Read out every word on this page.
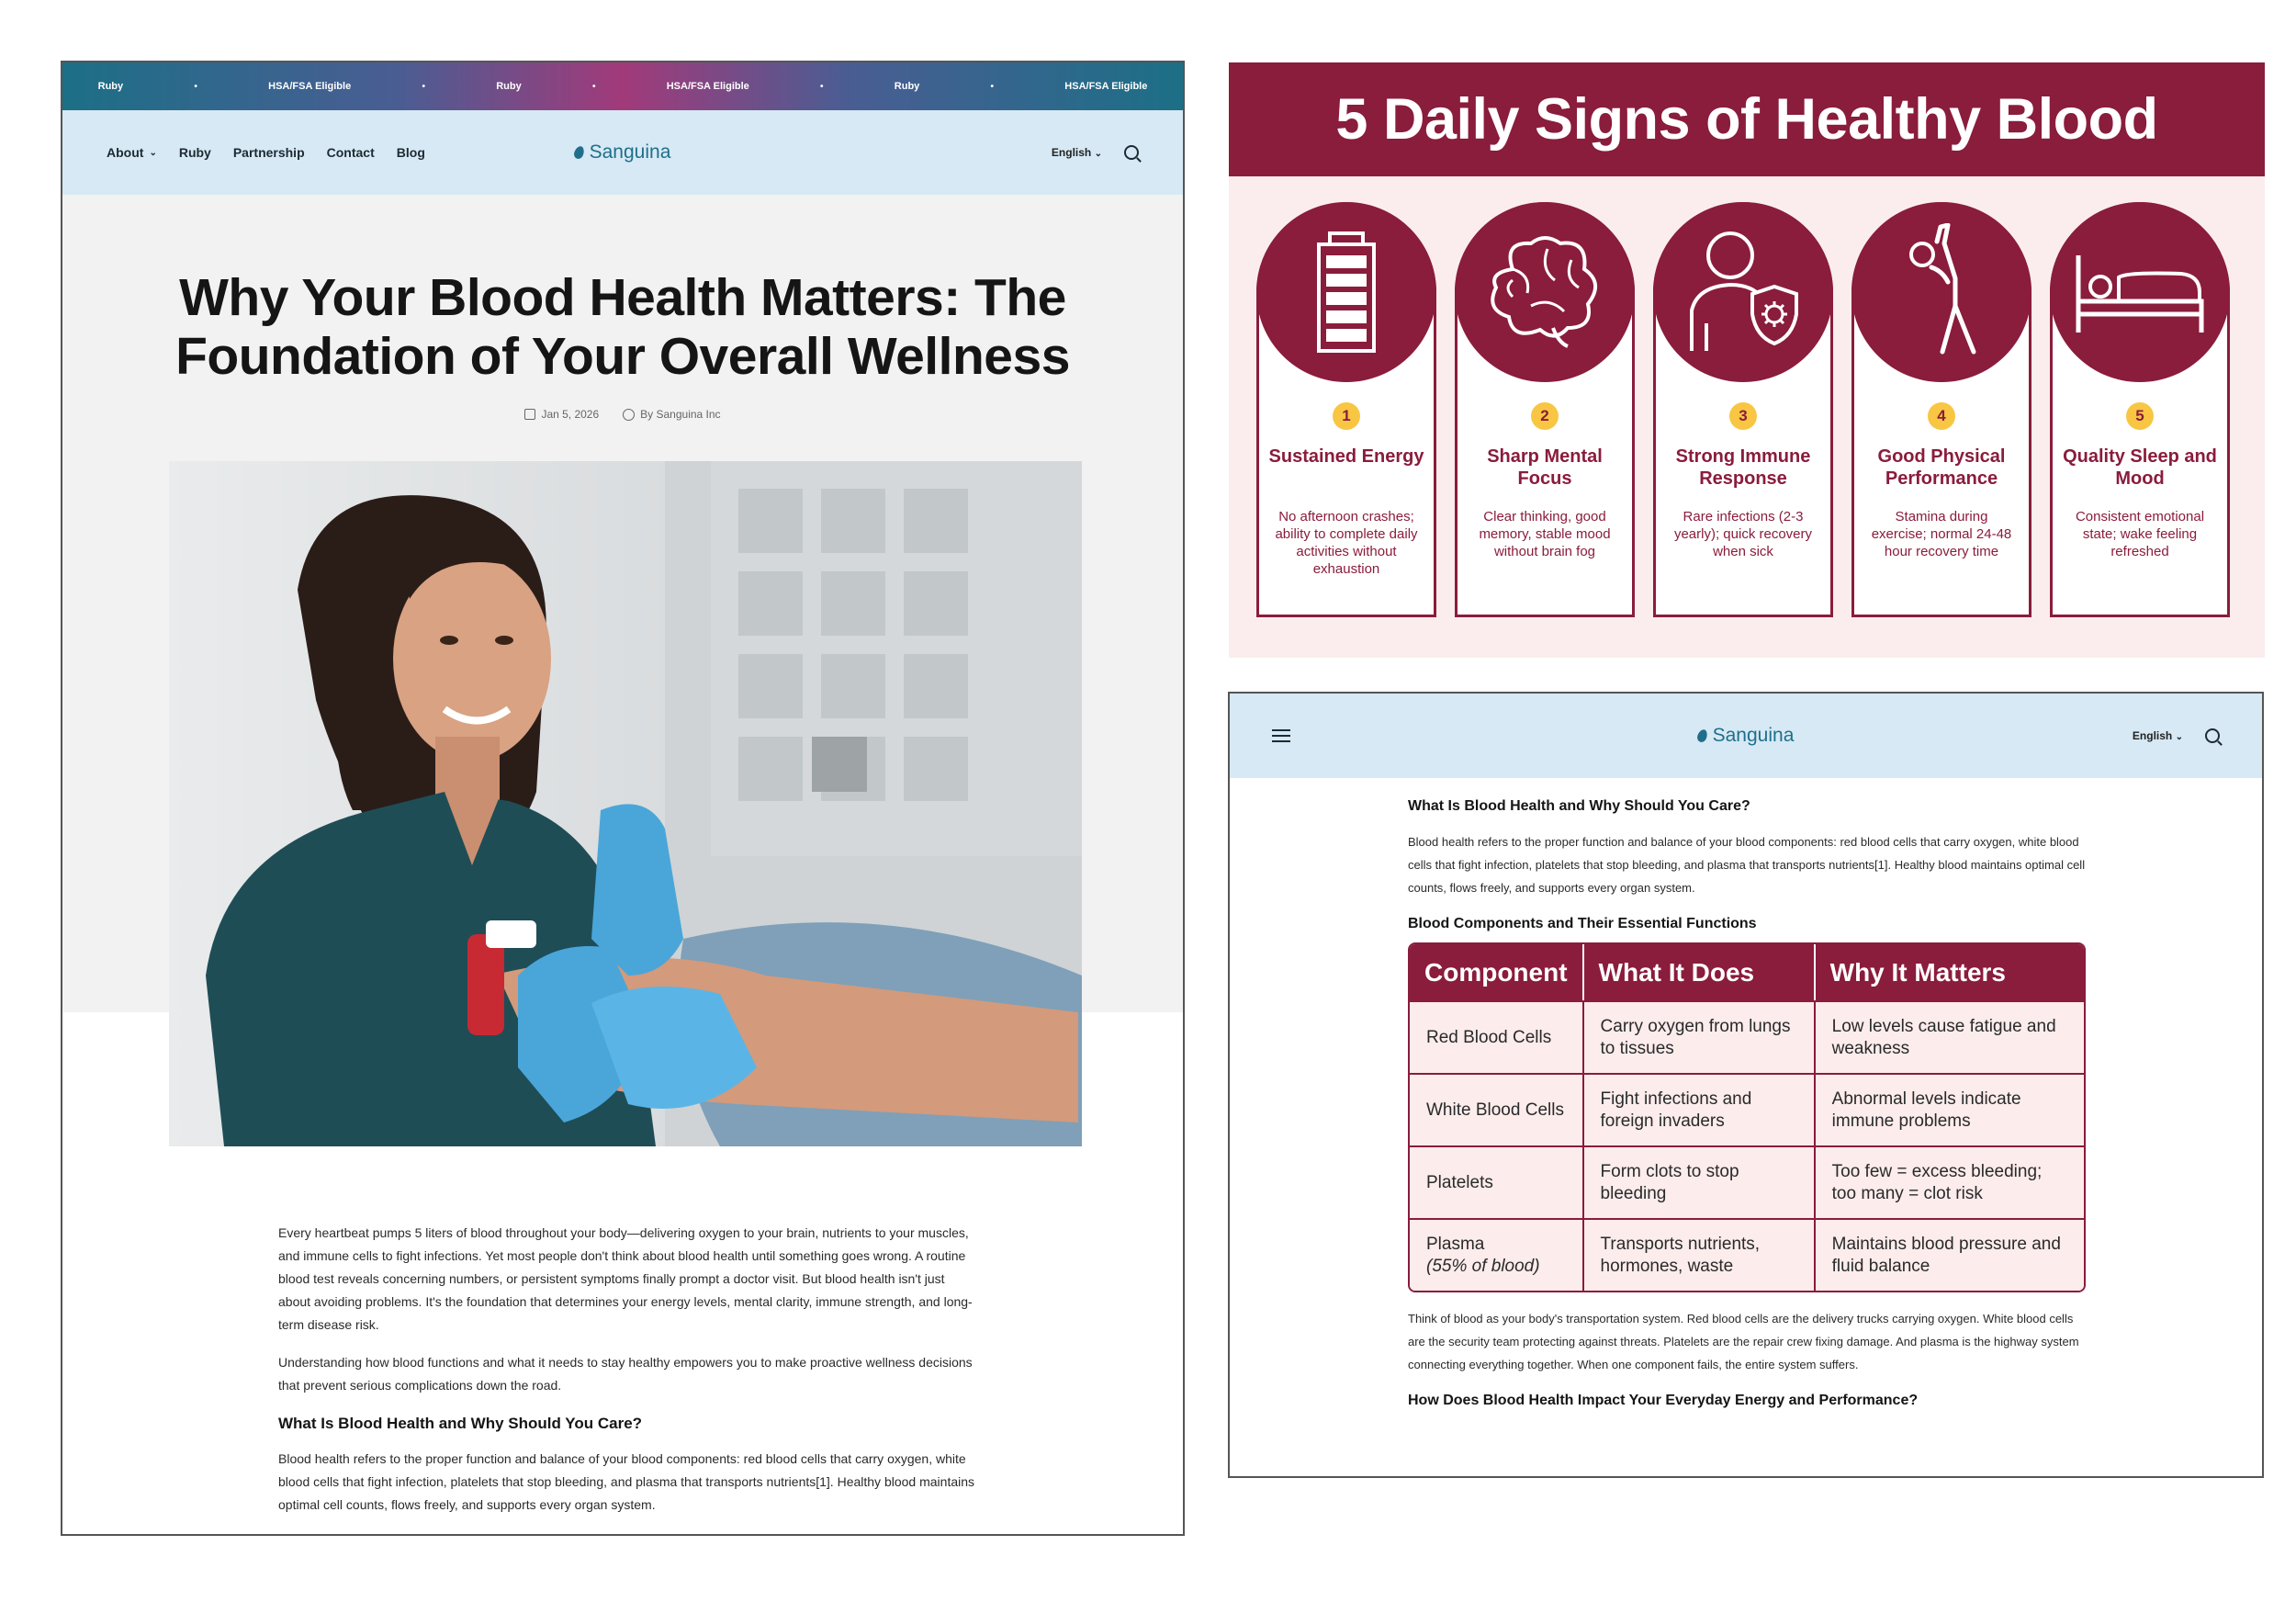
Ruby	•	HSA/FSA Eligible	•	Ruby	•	HSA/FSA Eligible	•	Ruby	•	HSA/FSA Eligible
About ⌄ Ruby Partnership Contact Blog	Sanguina	English ⌄
Why Your Blood Health Matters: The Foundation of Your Overall Wellness
Jan 5, 2026	By Sanguina Inc

Every heartbeat pumps 5 liters of blood throughout your body—delivering oxygen to your brain, nutrients to your muscles, and immune cells to fight infections. Yet most people don't think about blood health until something goes wrong. A routine blood test reveals concerning numbers, or persistent symptoms finally prompt a doctor visit. But blood health isn't just about avoiding problems. It's the foundation that determines your energy levels, mental clarity, immune strength, and long-term disease risk.

Understanding how blood functions and what it needs to stay healthy empowers you to make proactive wellness decisions that prevent serious complications down the road.

What Is Blood Health and Why Should You Care?

Blood health refers to the proper function and balance of your blood components: red blood cells that carry oxygen, white blood cells that fight infection, platelets that stop bleeding, and plasma that transports nutrients[1]. Healthy blood maintains optimal cell counts, flows freely, and supports every organ system.

5 Daily Signs of Healthy Blood
1
Sustained Energy
No afternoon crashes; ability to complete daily activities without exhaustion
2
Sharp Mental Focus
Clear thinking, good memory, stable mood without brain fog
3
Strong Immune Response
Rare infections (2-3 yearly); quick recovery when sick
4
Good Physical Performance
Stamina during exercise; normal 24-48 hour recovery time
5
Quality Sleep and Mood
Consistent emotional state; wake feeling refreshed
Sanguina	English ⌄
What Is Blood Health and Why Should You Care?

Blood health refers to the proper function and balance of your blood components: red blood cells that carry oxygen, white blood cells that fight infection, platelets that stop bleeding, and plasma that transports nutrients[1]. Healthy blood maintains optimal cell counts, flows freely, and supports every organ system.

Blood Components and Their Essential Functions
Component	What It Does	Why It Matters
Red Blood Cells	Carry oxygen from lungs to tissues	Low levels cause fatigue and weakness
White Blood Cells	Fight infections and foreign invaders	Abnormal levels indicate immune problems
Platelets	Form clots to stop bleeding	Too few = excess bleeding; too many = clot risk
Plasma
(55% of blood)	Transports nutrients, hormones, waste	Maintains blood pressure and fluid balance

Think of blood as your body's transportation system. Red blood cells are the delivery trucks carrying oxygen. White blood cells are the security team protecting against threats. Platelets are the repair crew fixing damage. And plasma is the highway system connecting everything together. When one component fails, the entire system suffers.

How Does Blood Health Impact Your Everyday Energy and Performance?
